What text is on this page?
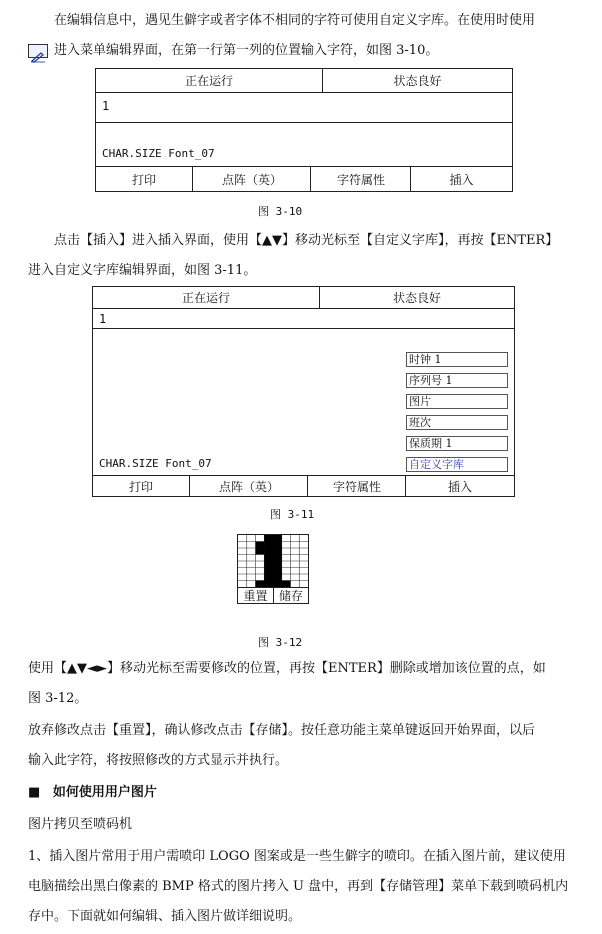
在编辑信息中，遇见生僻字或者字体不相同的字符可使用自定义字库。在使用时使用
进入菜单编辑界面，在第一行第一列的位置输入字符，如图 3-10。
正在运行	状态良好
1
CHAR.SIZE Font_07
打印	点阵（英）	字符属性	插入
图 3-10
点击【插入】进入插入界面，使用【▲▼】移动光标至【自定义字库】，再按【ENTER】
进入自定义字库编辑界面，如图 3-11。
正在运行	状态良好
1
CHAR.SIZE Font_07
时钟 1
序列号 1
图片
班次
保质期 1
自定义字库
打印	点阵（英）	字符属性	插入
图 3-11
重置 储存
图 3-12
使用【▲▼◄►】移动光标至需要修改的位置，再按【ENTER】删除或增加该位置的点，如
图 3-12。
放弃修改点击【重置】，确认修改点击【存储】。按任意功能主菜单键返回开始界面，以后
输入此字符，将按照修改的方式显示并执行。
■ 如何使用用户图片
图片拷贝至喷码机
1、插入图片常用于用户需喷印 LOGO 图案或是一些生僻字的喷印。在插入图片前，建议使用
电脑描绘出黑白像素的 BMP 格式的图片拷入 U 盘中，再到【存储管理】菜单下载到喷码机内
存中。下面就如何编辑、插入图片做详细说明。
